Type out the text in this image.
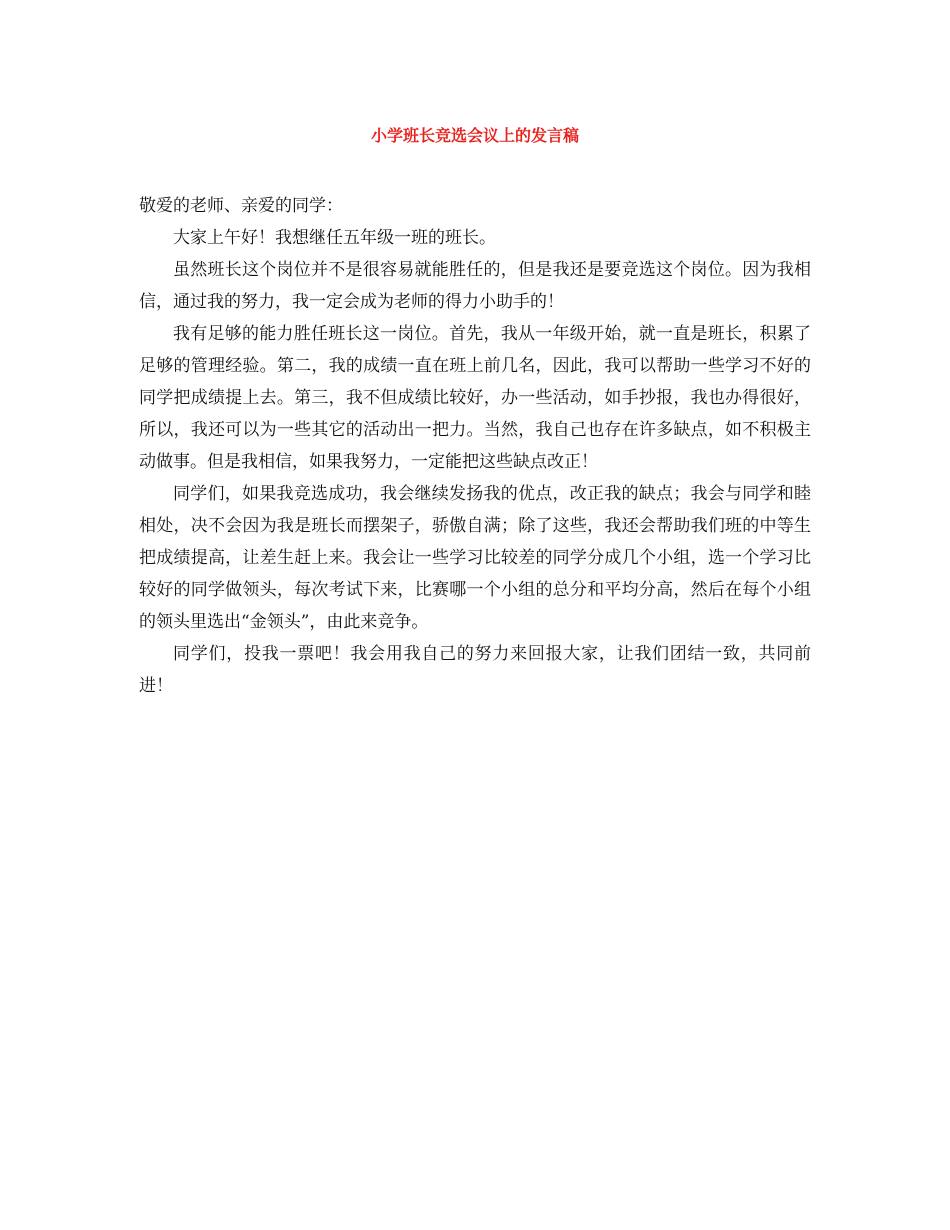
小学班长竞选会议上的发言稿

敬爱的老师、亲爱的同学：

大家上午好！我想继任五年级一班的班长。

虽然班长这个岗位并不是很容易就能胜任的，但是我还是要竞选这个岗位。因为我相信，通过我的努力，我一定会成为老师的得力小助手的！

我有足够的能力胜任班长这一岗位。首先，我从一年级开始，就一直是班长，积累了足够的管理经验。第二，我的成绩一直在班上前几名，因此，我可以帮助一些学习不好的同学把成绩提上去。第三，我不但成绩比较好，办一些活动，如手抄报，我也办得很好，所以，我还可以为一些其它的活动出一把力。当然，我自己也存在许多缺点，如不积极主动做事。但是我相信，如果我努力，一定能把这些缺点改正！

同学们，如果我竞选成功，我会继续发扬我的优点，改正我的缺点；我会与同学和睦相处，决不会因为我是班长而摆架子，骄傲自满；除了这些，我还会帮助我们班的中等生把成绩提高，让差生赶上来。我会让一些学习比较差的同学分成几个小组，选一个学习比较好的同学做领头，每次考试下来，比赛哪一个小组的总分和平均分高，然后在每个小组的领头里选出“金领头”，由此来竞争。

同学们，投我一票吧！我会用我自己的努力来回报大家，让我们团结一致，共同前进！
